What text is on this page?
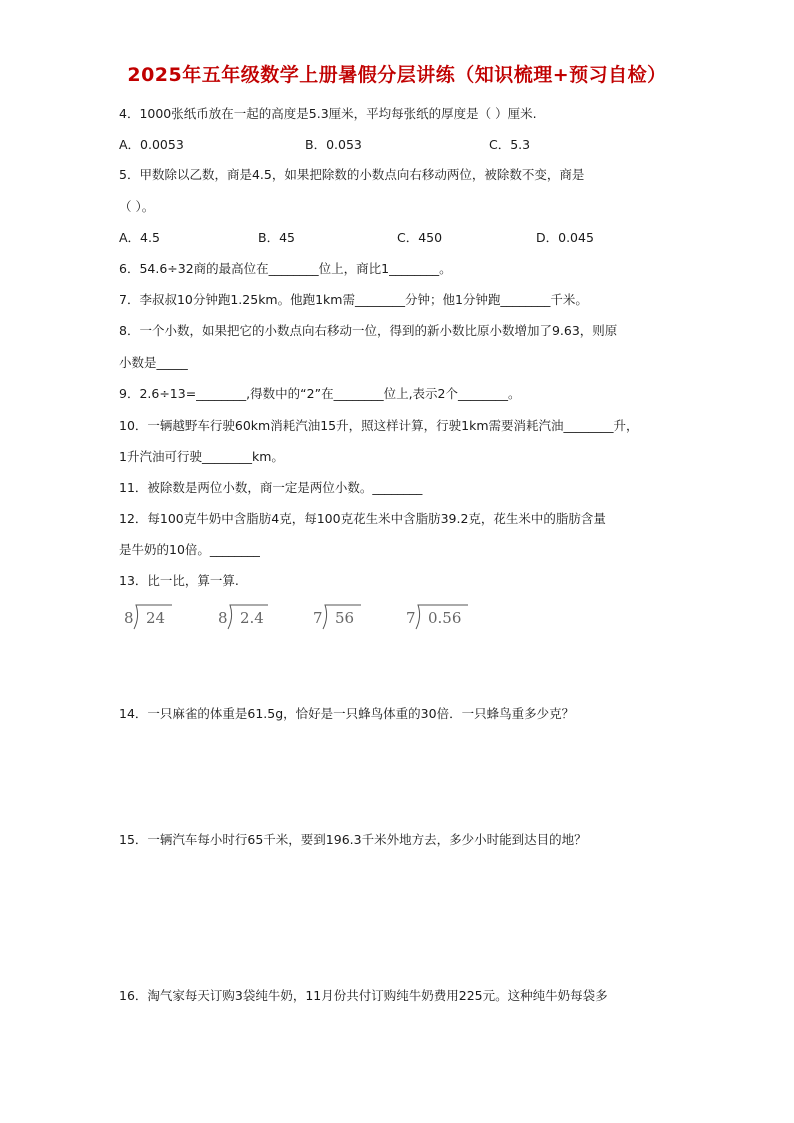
2025年五年级数学上册暑假分层讲练（知识梳理+预习自检）
4．1000张纸币放在一起的高度是5.3厘米，平均每张纸的厚度是（ ）厘米.
A．0.0053	B．0.053	C．5.3
5．甲数除以乙数，商是4.5，如果把除数的小数点向右移动两位，被除数不变，商是
（ ）。
A．4.5	B．45	C．450	D．0.045
6．54.6÷32商的最高位在________位上，商比1________。
7．李叔叔10分钟跑1.25km。他跑1km需________分钟；他1分钟跑________千米。
8．一个小数，如果把它的小数点向右移动一位，得到的新小数比原小数增加了9.63，则原
小数是_____
9．2.6÷13=________,得数中的“2”在________位上,表示2个________。
10．一辆越野车行驶60km消耗汽油15升，照这样计算，行驶1km需要消耗汽油________升，
1升汽油可行驶________km。
11．被除数是两位小数，商一定是两位小数。________
12．每100克牛奶中含脂肪4克，每100克花生米中含脂肪39.2克，花生米中的脂肪含量
是牛奶的10倍。________
13．比一比，算一算.
8 24	8 2.4	7 56	7 0.56
14．一只麻雀的体重是61.5g，恰好是一只蜂鸟体重的30倍．一只蜂鸟重多少克？
15．一辆汽车每小时行65千米，要到196.3千米外地方去，多少小时能到达目的地？
16．淘气家每天订购3袋纯牛奶，11月份共付订购纯牛奶费用225元。这种纯牛奶每袋多
